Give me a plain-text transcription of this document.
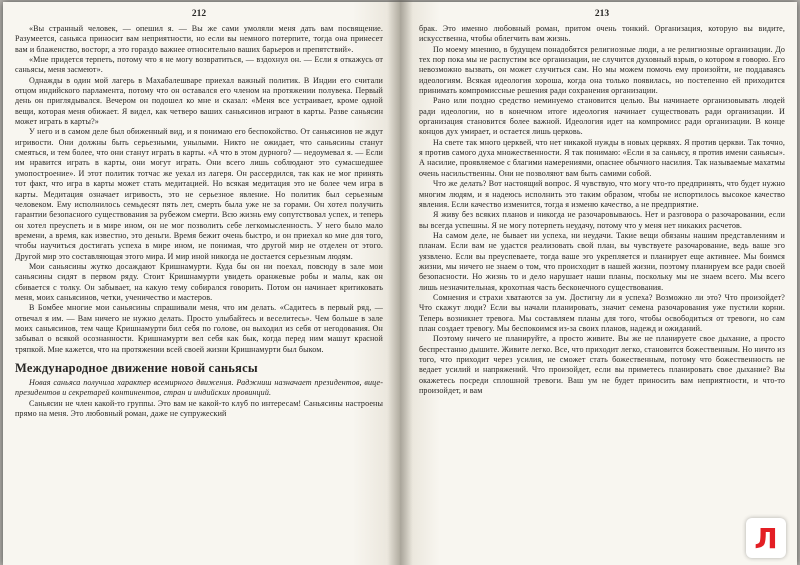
212

«Вы странный человек, — опешил я. — Вы же сами умоляли меня дать вам посвящение. Разумеется, саньяса приносит вам неприятности, но если вы немного потерпите, тогда она принесет вам и блаженство, восторг, а это гораздо важнее относительно ваших барьеров и препятствий».

«Мне придется терпеть, потому что я не могу возвратиться, — вздохнул он. — Если я откажусь от саньясы, меня засмеют».

Однажды в один мой лагерь в Махабалешваре приехал важный политик. В Индии его считали отцом индийского парламента, потому что он оставался его членом на протяжении полувека. Первый день он приглядывался. Вечером он подошел ко мне и сказал: «Меня все устраивает, кроме одной вещи, которая меня обижает. Я видел, как четверо ваших саньясинов играют в карты. Разве саньясин может играть в карты?»

У него и в самом деле был обиженный вид, и я понимаю его беспокойство. От саньясинов не ждут игривости. Они должны быть серьезными, унылыми. Никто не ожидает, что саньясины станут смеяться, и тем более, что они станут играть в карты. «А что в этом дурного? — недоумевал я. — Если им нравится играть в карты, они могут играть. Они всего лишь соблюдают это сумасшедшее умопостроение». И этот политик тотчас же уехал из лагеря. Он рассердился, так как не мог принять тот факт, что игра в карты может стать медитацией. Но всякая медитация это не более чем игра в карты. Медитация означает игривость, это не серьезное явление. Но политик был серьезным человеком. Ему исполнилось семьдесят пять лет, смерть была уже не за горами. Он хотел получить гарантии безопасного существования за рубежом смерти. Всю жизнь ему сопутствовал успех, и теперь он хотел преуспеть и в мире ином, он не мог позволить себе легкомысленность. У него было мало времени, а время, как известно, это деньги. Время бежит очень быстро, и он приехал ко мне для того, чтобы научиться достигать успеха в мире ином, не понимая, что другой мир не отделен от этого. Другой мир это составляющая этого мира. И мир иной никогда не достается серьезным людям.

Мои саньясины жутко досаждают Кришнамурти. Куда бы он ни поехал, повсюду в зале мои саньясины сидят в первом ряду. Стоит Кришнамурти увидеть оранжевые робы и малы, как он сбивается с толку. Он забывает, на какую тему собирался говорить. Потом он начинает критиковать меня, моих саньясинов, четки, ученичество и мастеров.

В Бомбее многие мои саньясины спрашивали меня, что им делать. «Садитесь в первый ряд, — отвечал я им. — Вам ничего не нужно делать. Просто улыбайтесь и веселитесь». Чем больше в зале моих саньясинов, тем чаще Кришнамурти бил себя по голове, он выходил из себя от негодования. Он забывал о всякой осознанности. Кришнамурти вел себя как бык, когда перед ним машут красной тряпкой. Мне кажется, что на протяжении всей своей жизни Кришнамурти был быком.

Международное движение новой саньясы

Новая саньяса получила характер всемирного движения. Раджниш назначает президентов, вице-президентов и секретарей континентов, стран и индийских провинций.

Саньясин не член какой-то группы. Это вам не какой-то клуб по интересам! Саньясины настроены прямо на меня. Это любовный роман, даже не супружеский

213

брак. Это именно любовный роман, притом очень тонкий. Организация, которую вы видите, искусственна, чтобы облегчить вам жизнь.

По моему мнению, в будущем понадобятся религиозные люди, а не религиозные организации. До тех пор пока мы не распустим все организации, не случится духовный взрыв, о котором я говорю. Его невозможно вызвать, он может случиться сам. Но мы можем помочь ему произойти, не поддаваясь идеологиям. Всякая идеология хороша, когда она только появилась, но постепенно ей приходится принимать компромиссные решения ради сохранения организации.

Рано или поздно средство неминуемо становится целью. Вы начинаете организовывать людей ради идеологии, но в конечном итоге идеология начинает существовать ради организации. И организация становится более важной. Идеология идет на компромисс ради организации. В конце концов дух умирает, и остается лишь церковь.

На свете так много церквей, что нет никакой нужды в новых церквях. Я против церкви. Так точно, я против самого духа множественности. Я так понимаю: «Если я за саньясу, я против имени саньясы». А насилие, проявляемое с благими намерениями, опаснее обычного насилия. Так называемые махатмы очень насильственны. Они не позволяют вам быть самими собой.

Что же делать? Вот настоящий вопрос. Я чувствую, что могу что-то предпринять, что будет нужно многим людям, и я надеюсь исполнить это таким образом, чтобы не испортилось высокое качество явления. Если качество изменится, тогда я изменю качество, а не предприятие.

Я живу без всяких планов и никогда не разочаровываюсь. Нет и разговора о разочаровании, если вы всегда успешны. Я не могу потерпеть неудачу, потому что у меня нет никаких расчетов.

На самом деле, не бывает ни успеха, ни неудачи. Такие вещи обязаны нашим представлениям и планам. Если вам не удастся реализовать свой план, вы чувствуете разочарование, ведь ваше эго уязвлено. Если вы преуспеваете, тогда ваше эго укрепляется и планирует еще активнее. Мы боимся жизни, мы ничего не знаем о том, что происходит в нашей жизни, поэтому планируем все ради своей безопасности. Но жизнь то и дело нарушает наши планы, поскольку мы не знаем всего. Мы всего лишь незначительная, крохотная часть бесконечного существования.

Сомнения и страхи хватаются за ум. Достигну ли я успеха? Возможно ли это? Что произойдет? Что скажут люди? Если вы начали планировать, значит семена разочарования уже пустили корни. Теперь возникнет тревога. Мы составляем планы для того, чтобы освободиться от тревоги, но сам план создает тревогу. Мы беспокоимся из-за своих планов, надежд и ожиданий.

Поэтому ничего не планируйте, а просто живите. Вы же не планируете свое дыхание, а просто беспрестанно дышите. Живите легко. Все, что приходит легко, становится божественным. Но ничто из того, что приходит через усилия, не сможет стать божественным, потому что божественность не ведает усилий и напряжений. Что произойдет, если вы приметесь планировать свое дыхание? Вы окажетесь посреди сплошной тревоги. Ваш ум не будет приносить вам неприятности, и что-то произойдет, и вам

Л
